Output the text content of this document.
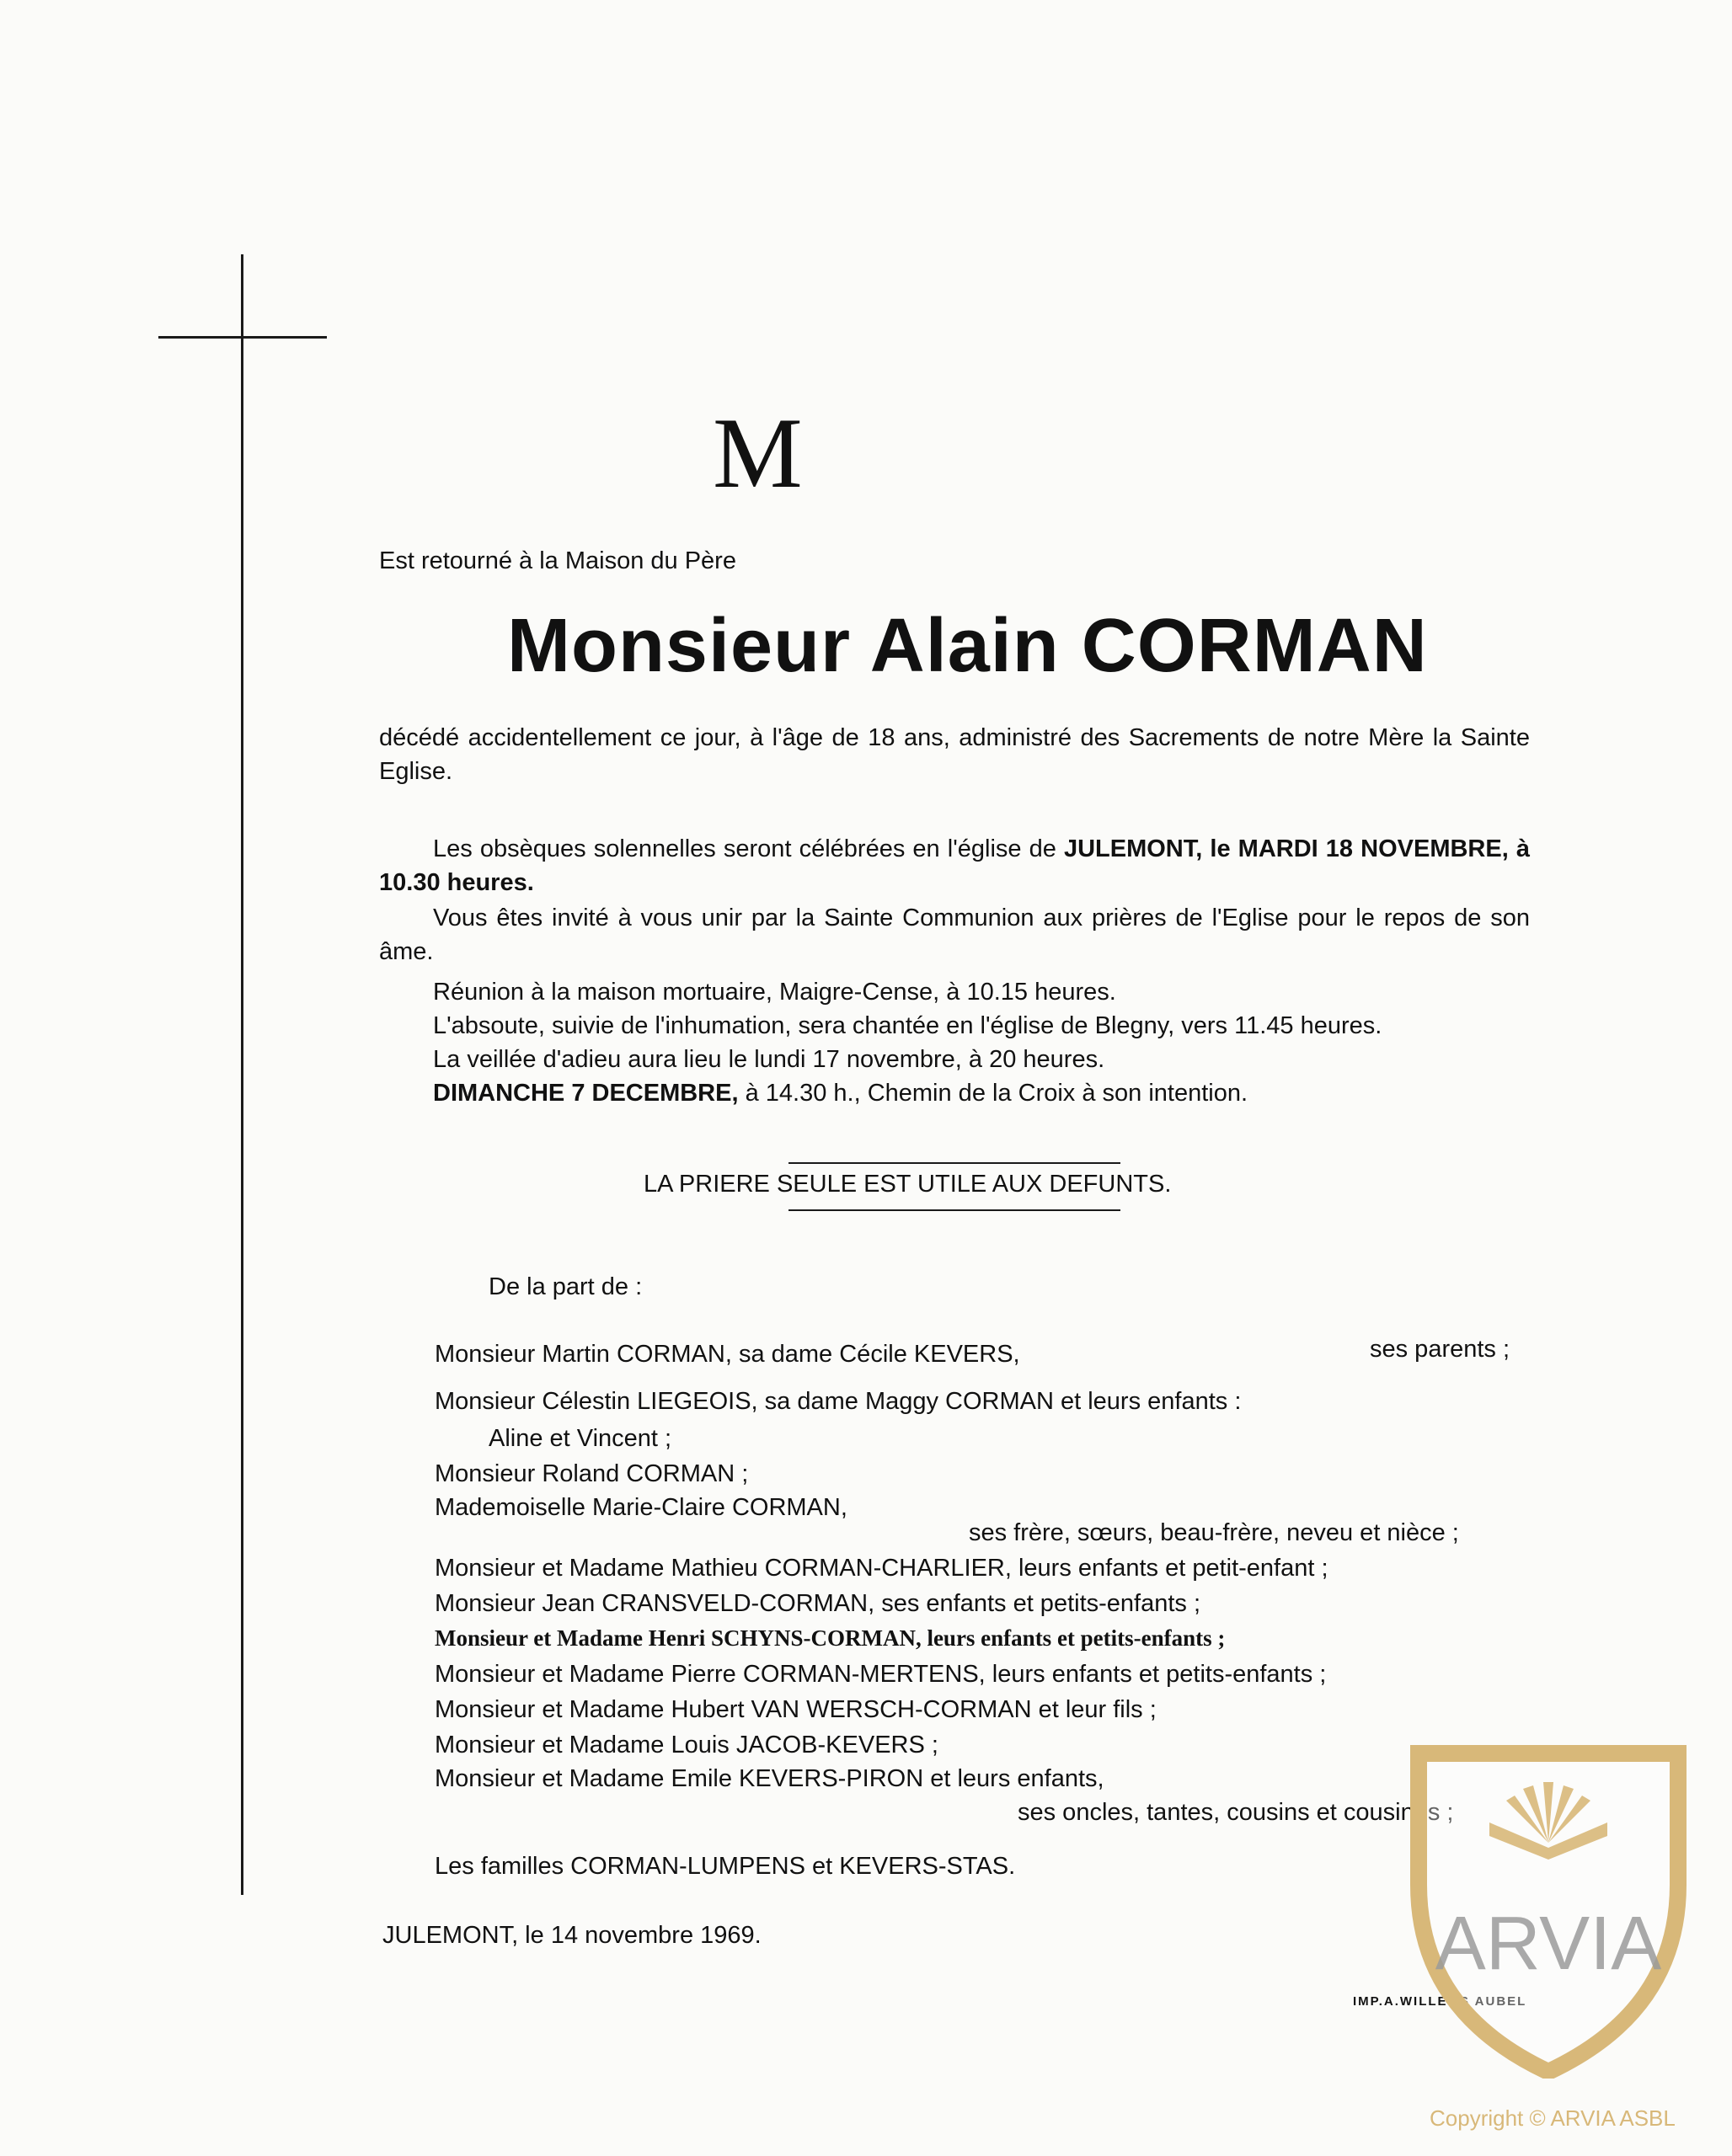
M

Est retourné à la Maison du Père

Monsieur Alain CORMAN

décédé accidentellement ce jour, à l'âge de 18 ans, administré des Sacrements de notre Mère la Sainte Eglise.

Les obsèques solennelles seront célébrées en l'église de JULEMONT, le MARDI 18 NOVEMBRE, à 10.30 heures.

Vous êtes invité à vous unir par la Sainte Communion aux prières de l'Eglise pour le repos de son âme.

Réunion à la maison mortuaire, Maigre-Cense, à 10.15 heures.

L'absoute, suivie de l'inhumation, sera chantée en l'église de Blegny, vers 11.45 heures.

La veillée d'adieu aura lieu le lundi 17 novembre, à 20 heures.

DIMANCHE 7 DECEMBRE, à 14.30 h., Chemin de la Croix à son intention.

LA PRIERE SEULE EST UTILE AUX DEFUNTS.

De la part de :

Monsieur Martin CORMAN, sa dame Cécile KEVERS,	ses parents ;

Monsieur Célestin LIEGEOIS, sa dame Maggy CORMAN et leurs enfants :

Aline et Vincent ;

Monsieur Roland CORMAN ;

Mademoiselle Marie-Claire CORMAN,

ses frère, sœurs, beau-frère, neveu et nièce ;

Monsieur et Madame Mathieu CORMAN-CHARLIER, leurs enfants et petit-enfant ;

Monsieur Jean CRANSVELD-CORMAN, ses enfants et petits-enfants ;

Monsieur et Madame Henri SCHYNS-CORMAN, leurs enfants et petits-enfants ;

Monsieur et Madame Pierre CORMAN-MERTENS, leurs enfants et petits-enfants ;

Monsieur et Madame Hubert VAN WERSCH-CORMAN et leur fils ;

Monsieur et Madame Louis JACOB-KEVERS ;

Monsieur et Madame Emile KEVERS-PIRON et leurs enfants,

ses oncles, tantes, cousins et cousines ;

Les familles CORMAN-LUMPENS et KEVERS-STAS.

JULEMONT, le 14 novembre 1969.

IMP.A.WILLEMS AUBEL

ARVIA

Copyright © ARVIA ASBL
